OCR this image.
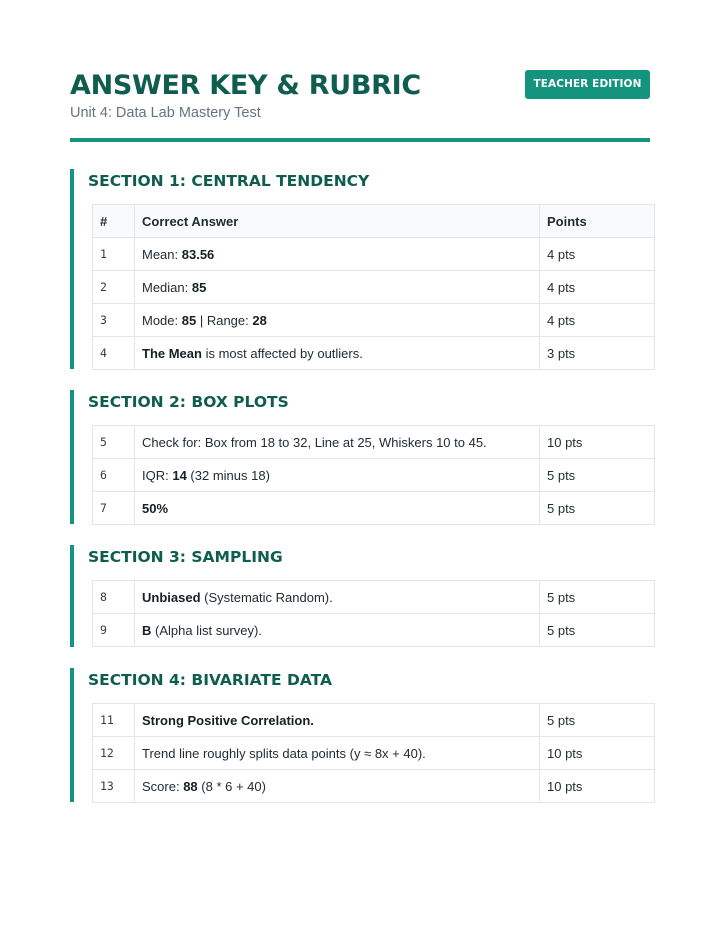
ANSWER KEY & RUBRIC
Unit 4: Data Lab Mastery Test
TEACHER EDITION
SECTION 1: CENTRAL TENDENCY
#	Correct Answer	Points
1	Mean: 83.56	4 pts
2	Median: 85	4 pts
3	Mode: 85 | Range: 28	4 pts
4	The Mean is most affected by outliers.	3 pts
SECTION 2: BOX PLOTS
5	Check for: Box from 18 to 32, Line at 25, Whiskers 10 to 45.	10 pts
6	IQR: 14 (32 minus 18)	5 pts
7	50%	5 pts
SECTION 3: SAMPLING
8	Unbiased (Systematic Random).	5 pts
9	B (Alpha list survey).	5 pts
SECTION 4: BIVARIATE DATA
11	Strong Positive Correlation.	5 pts
12	Trend line roughly splits data points (y ≈ 8x + 40).	10 pts
13	Score: 88 (8 * 6 + 40)	10 pts
